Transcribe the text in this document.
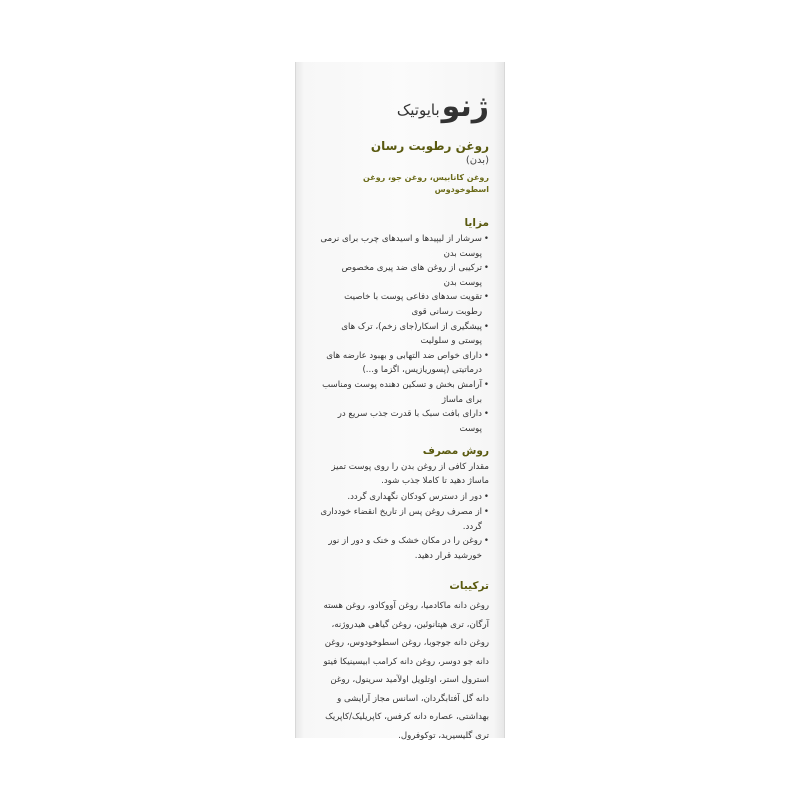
ژنو
بایوتیک
روغن رطوبت رسان
(بدن)
روغن کانابیس، روغن جو، روغن اسطوخودوس
مزایا
• سرشار از لیپیدها و اسیدهای چرب برای نرمی پوست بدن
• ترکیبی از روغن های ضد پیری مخصوص پوست بدن
• تقویت سدهای دفاعی پوست با خاصیت رطوبت رسانی قوی
• پیشگیری از اسکار(جای زخم)، ترک های پوستی و سلولیت
• دارای خواص ضد التهابی و بهبود عارضه های درماتیتی (پسوریازیس، اگزما و...)
• آرامش بخش و تسکین دهنده پوست ومناسب برای ماساژ
• دارای بافت سبک با قدرت جذب سریع در پوست
روش مصرف

مقدار کافی از روغن بدن را روی پوست تمیز ماساژ دهید تا کاملا جذب شود.

• دور از دسترس کودکان نگهداری گردد.
• از مصرف روغن پس از تاریخ انقضاء خودداری گردد.
• روغن را در مکان خشک و خنک و دور از نور خورشید قرار دهید.
ترکیبات

روغن دانه ماکادمیا، روغن آووکادو، روغن هسته آرگان، تری هپتانوئین، روغن گیاهی هیدروژنه، روغن دانه جوجوبا، روغن اسطوخودوس، روغن دانه جو دوسر، روغن دانه کرامب ابیسینیکا فیتو استرول استر، اوتلویل اولآمید سرینول، روغن دانه گل آفتابگردان، اسانس مجاز آرایشی و بهداشتی، عصاره دانه کرفس، کاپریلیک/کاپریک تری گلیسیرید، توکوفرول.
